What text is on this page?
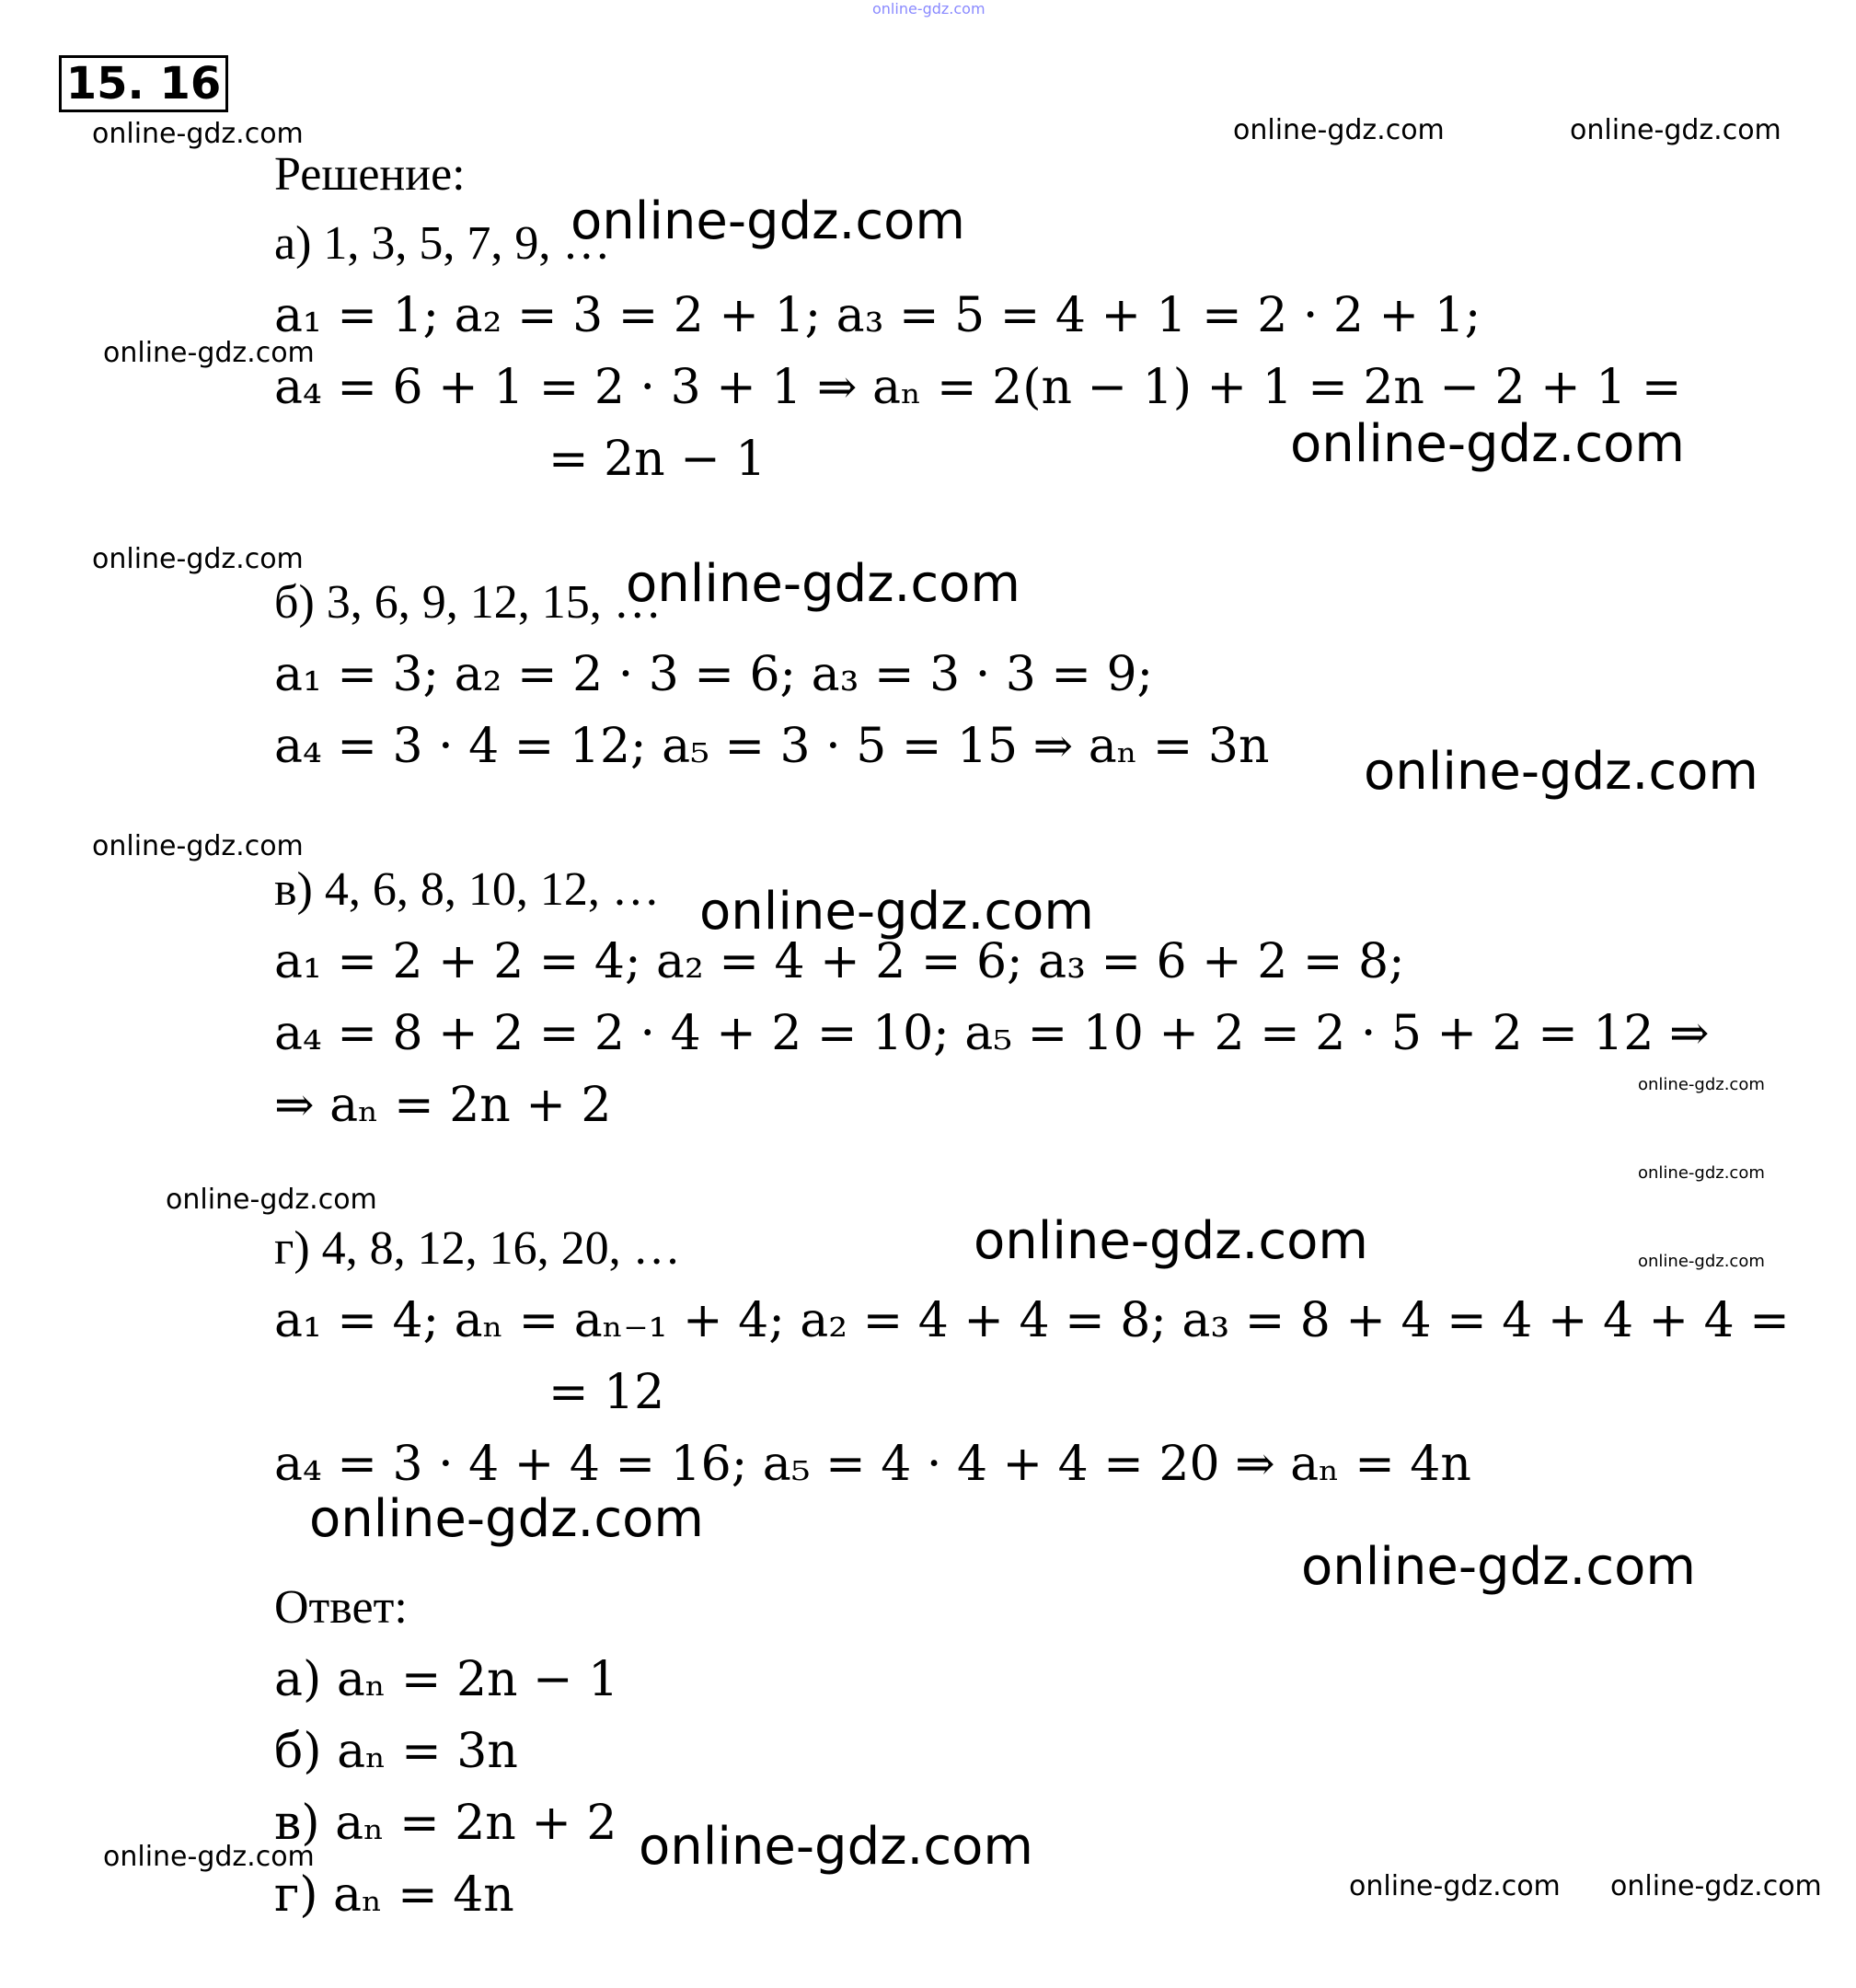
15. 16
Решение:
а) 1, 3, 5, 7, 9, …
a₁ = 1; a₂ = 3 = 2 + 1; a₃ = 5 = 4 + 1 = 2 · 2 + 1;
a₄ = 6 + 1 = 2 · 3 + 1 ⇒ aₙ = 2(n − 1) + 1 = 2n − 2 + 1 =
= 2n − 1
б) 3, 6, 9, 12, 15, …
a₁ = 3; a₂ = 2 · 3 = 6; a₃ = 3 · 3 = 9;
a₄ = 3 · 4 = 12; a₅ = 3 · 5 = 15 ⇒ aₙ = 3n
в) 4, 6, 8, 10, 12, …
a₁ = 2 + 2 = 4; a₂ = 4 + 2 = 6; a₃ = 6 + 2 = 8;
a₄ = 8 + 2 = 2 · 4 + 2 = 10; a₅ = 10 + 2 = 2 · 5 + 2 = 12 ⇒
⇒ aₙ = 2n + 2
г) 4, 8, 12, 16, 20, …
a₁ = 4; aₙ = aₙ₋₁ + 4; a₂ = 4 + 4 = 8; a₃ = 8 + 4 = 4 + 4 + 4 =
= 12
a₄ = 3 · 4 + 4 = 16; a₅ = 4 · 4 + 4 = 20 ⇒ aₙ = 4n
Ответ:
а) aₙ = 2n − 1
б) aₙ = 3n
в) aₙ = 2n + 2
г) aₙ = 4n
online-gdz.com
online-gdz.com	online-gdz.com	online-gdz.com
online-gdz.com
online-gdz.com
online-gdz.com
online-gdz.com	online-gdz.com
online-gdz.com
online-gdz.com
online-gdz.com
online-gdz.com
online-gdz.com
online-gdz.com
online-gdz.com	online-gdz.com
online-gdz.com
online-gdz.com
online-gdz.com
online-gdz.com
online-gdz.com online-gdz.com
